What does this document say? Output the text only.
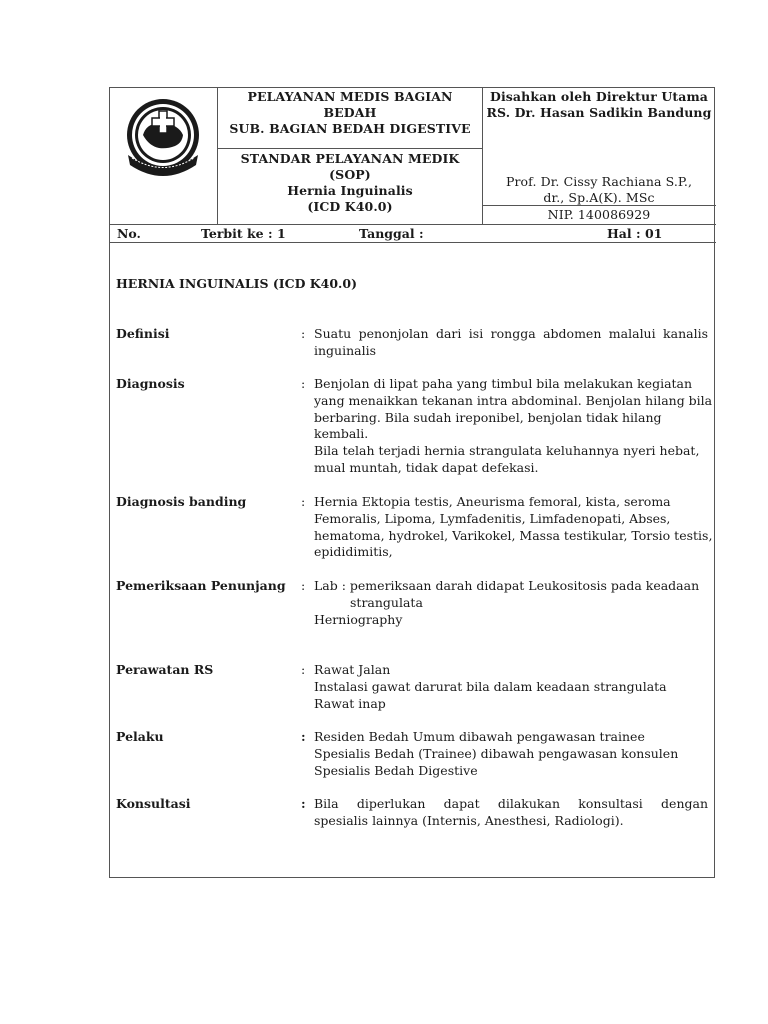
PELAYANAN MEDIS BAGIAN
BEDAH
SUB. BAGIAN BEDAH DIGESTIVE
Disahkan oleh Direktur Utama
RS. Dr. Hasan Sadikin Bandung
STANDAR PELAYANAN MEDIK
(SOP)
Hernia Inguinalis
(ICD K40.0)
Prof. Dr. Cissy Rachiana S.P.,
dr., Sp.A(K). MSc
NIP. 140086929
No.	Terbit ke : 1	Tanggal :	Hal : 01
HERNIA INGUINALIS (ICD K40.0)
Definisi	: Suatu penonjolan dari isi rongga abdomen malalui kanalis
inguinalis
Diagnosis	: Benjolan di lipat paha yang timbul bila melakukan kegiatan
yang menaikkan tekanan intra abdominal. Benjolan hilang bila
berbaring. Bila sudah ireponibel, benjolan tidak hilang
kembali.
Bila telah terjadi hernia strangulata keluhannya nyeri hebat,
mual muntah, tidak dapat defekasi.
Diagnosis banding	: Hernia Ektopia testis, Aneurisma femoral, kista, seroma
Femoralis, Lipoma, Lymfadenitis, Limfadenopati, Abses,
hematoma, hydrokel, Varikokel, Massa testikular, Torsio testis,
epididimitis,
Pemeriksaan Penunjang	: Lab : pemeriksaan darah didapat Leukositosis pada keadaan
strangulata
Herniography
Perawatan RS	: Rawat Jalan
Instalasi gawat darurat bila dalam keadaan strangulata
Rawat inap
Pelaku	: Residen Bedah Umum dibawah pengawasan trainee
Spesialis Bedah (Trainee) dibawah pengawasan konsulen
Spesialis Bedah Digestive
Konsultasi	: Bila diperlukan dapat dilakukan konsultasi dengan
spesialis lainnya (Internis, Anesthesi, Radiologi).
